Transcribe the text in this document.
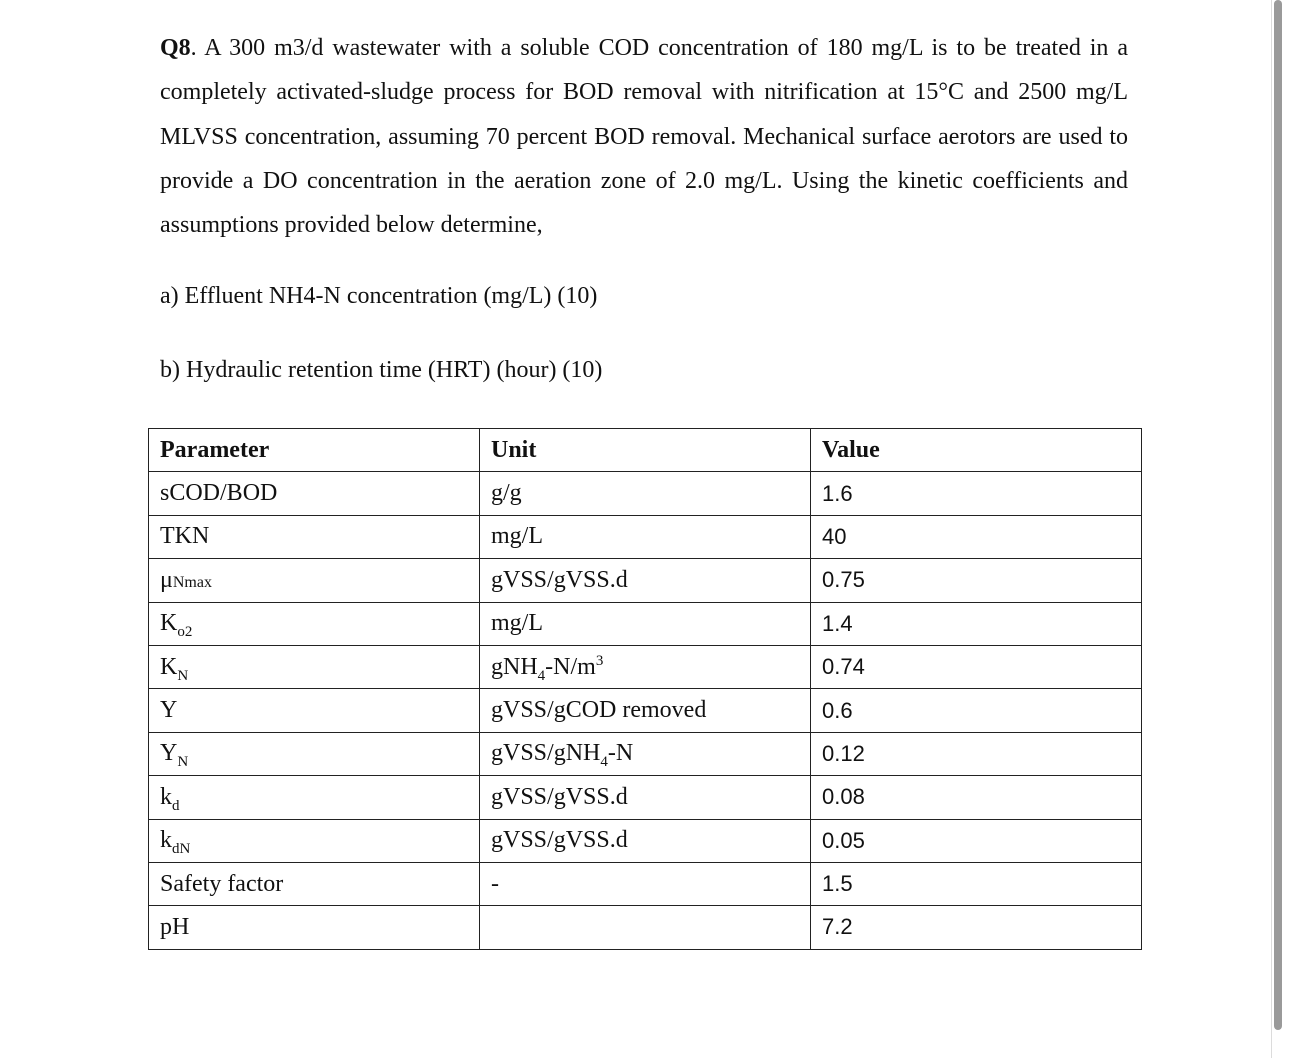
Q8. A 300 m3/d wastewater with a soluble COD concentration of 180 mg/L is to be treated in a completely activated-sludge process for BOD removal with nitrification at 15°C and 2500 mg/L MLVSS concentration, assuming 70 percent BOD removal. Mechanical surface aerotors are used to provide a DO concentration in the aeration zone of 2.0 mg/L. Using the kinetic coefficients and assumptions provided below determine,
a) Effluent NH4-N concentration (mg/L) (10)
b) Hydraulic retention time (HRT) (hour) (10)
Parameter	Unit	Value
sCOD/BOD	g/g	1.6
TKN	mg/L	40
μNmax	gVSS/gVSS.d	0.75
$K_{o2}$	mg/L	1.4
$K_N$	$gNH_4-N/m^3$	0.74
Y	gVSS/gCOD removed	0.6
$Y_N$	gVSS/gNH$_4$-N	0.12
$k_d$	gVSS/gVSS.d	0.08
$k_{dN}$	gVSS/gVSS.d	0.05
Safety factor	-	1.5
pH		7.2
